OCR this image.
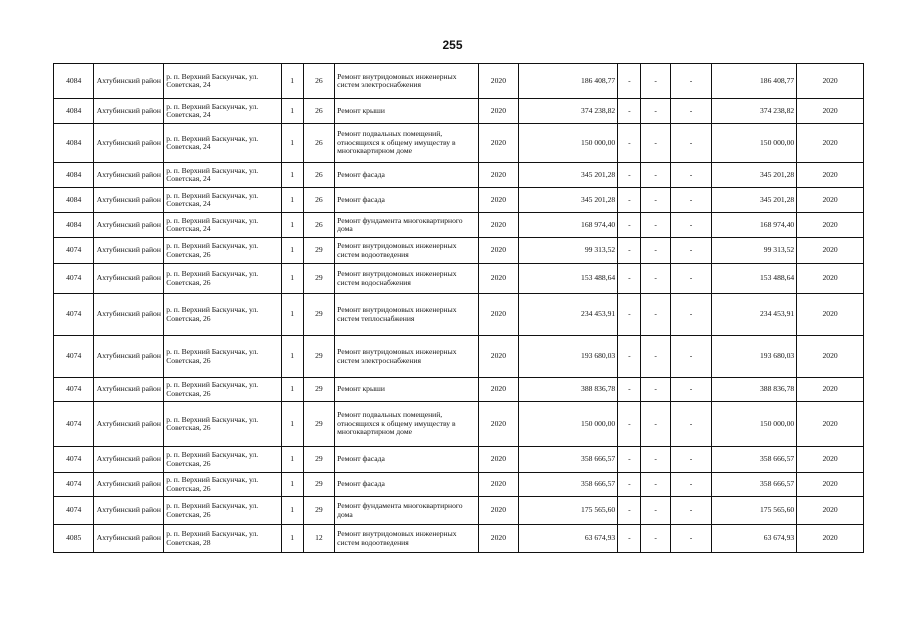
255
4084	Ахтубинский район	р. п. Верхний Баскунчак, ул. Советская, 24	1	26	Ремонт внутридомовых инженерных систем электроснабжения	2020	186 408,77	-	-	-	186 408,77	2020
4084	Ахтубинский район	р. п. Верхний Баскунчак, ул. Советская, 24	1	26	Ремонт крыши	2020	374 238,82	-	-	-	374 238,82	2020
4084	Ахтубинский район	р. п. Верхний Баскунчак, ул. Советская, 24	1	26	Ремонт подвальных помещений, относящихся к общему имуществу в многоквартирном доме	2020	150 000,00	-	-	-	150 000,00	2020
4084	Ахтубинский район	р. п. Верхний Баскунчак, ул. Советская, 24	1	26	Ремонт фасада	2020	345 201,28	-	-	-	345 201,28	2020
4084	Ахтубинский район	р. п. Верхний Баскунчак, ул. Советская, 24	1	26	Ремонт фасада	2020	345 201,28	-	-	-	345 201,28	2020
4084	Ахтубинский район	р. п. Верхний Баскунчак, ул. Советская, 24	1	26	Ремонт фундамента многоквартирного дома	2020	168 974,40	-	-	-	168 974,40	2020
4074	Ахтубинский район	р. п. Верхний Баскунчак, ул. Советская, 26	1	29	Ремонт внутридомовых инженерных систем водоотведения	2020	99 313,52	-	-	-	99 313,52	2020
4074	Ахтубинский район	р. п. Верхний Баскунчак, ул. Советская, 26	1	29	Ремонт внутридомовых инженерных систем водоснабжения	2020	153 488,64	-	-	-	153 488,64	2020
4074	Ахтубинский район	р. п. Верхний Баскунчак, ул. Советская, 26	1	29	Ремонт внутридомовых инженерных систем теплоснабжения	2020	234 453,91	-	-	-	234 453,91	2020
4074	Ахтубинский район	р. п. Верхний Баскунчак, ул. Советская, 26	1	29	Ремонт внутридомовых инженерных систем электроснабжения	2020	193 680,03	-	-	-	193 680,03	2020
4074	Ахтубинский район	р. п. Верхний Баскунчак, ул. Советская, 26	1	29	Ремонт крыши	2020	388 836,78	-	-	-	388 836,78	2020
4074	Ахтубинский район	р. п. Верхний Баскунчак, ул. Советская, 26	1	29	Ремонт подвальных помещений, относящихся к общему имуществу в многоквартирном доме	2020	150 000,00	-	-	-	150 000,00	2020
4074	Ахтубинский район	р. п. Верхний Баскунчак, ул. Советская, 26	1	29	Ремонт фасада	2020	358 666,57	-	-	-	358 666,57	2020
4074	Ахтубинский район	р. п. Верхний Баскунчак, ул. Советская, 26	1	29	Ремонт фасада	2020	358 666,57	-	-	-	358 666,57	2020
4074	Ахтубинский район	р. п. Верхний Баскунчак, ул. Советская, 26	1	29	Ремонт фундамента многоквартирного дома	2020	175 565,60	-	-	-	175 565,60	2020
4085	Ахтубинский район	р. п. Верхний Баскунчак, ул. Советская, 28	1	12	Ремонт внутридомовых инженерных систем водоотведения	2020	63 674,93	-	-	-	63 674,93	2020
